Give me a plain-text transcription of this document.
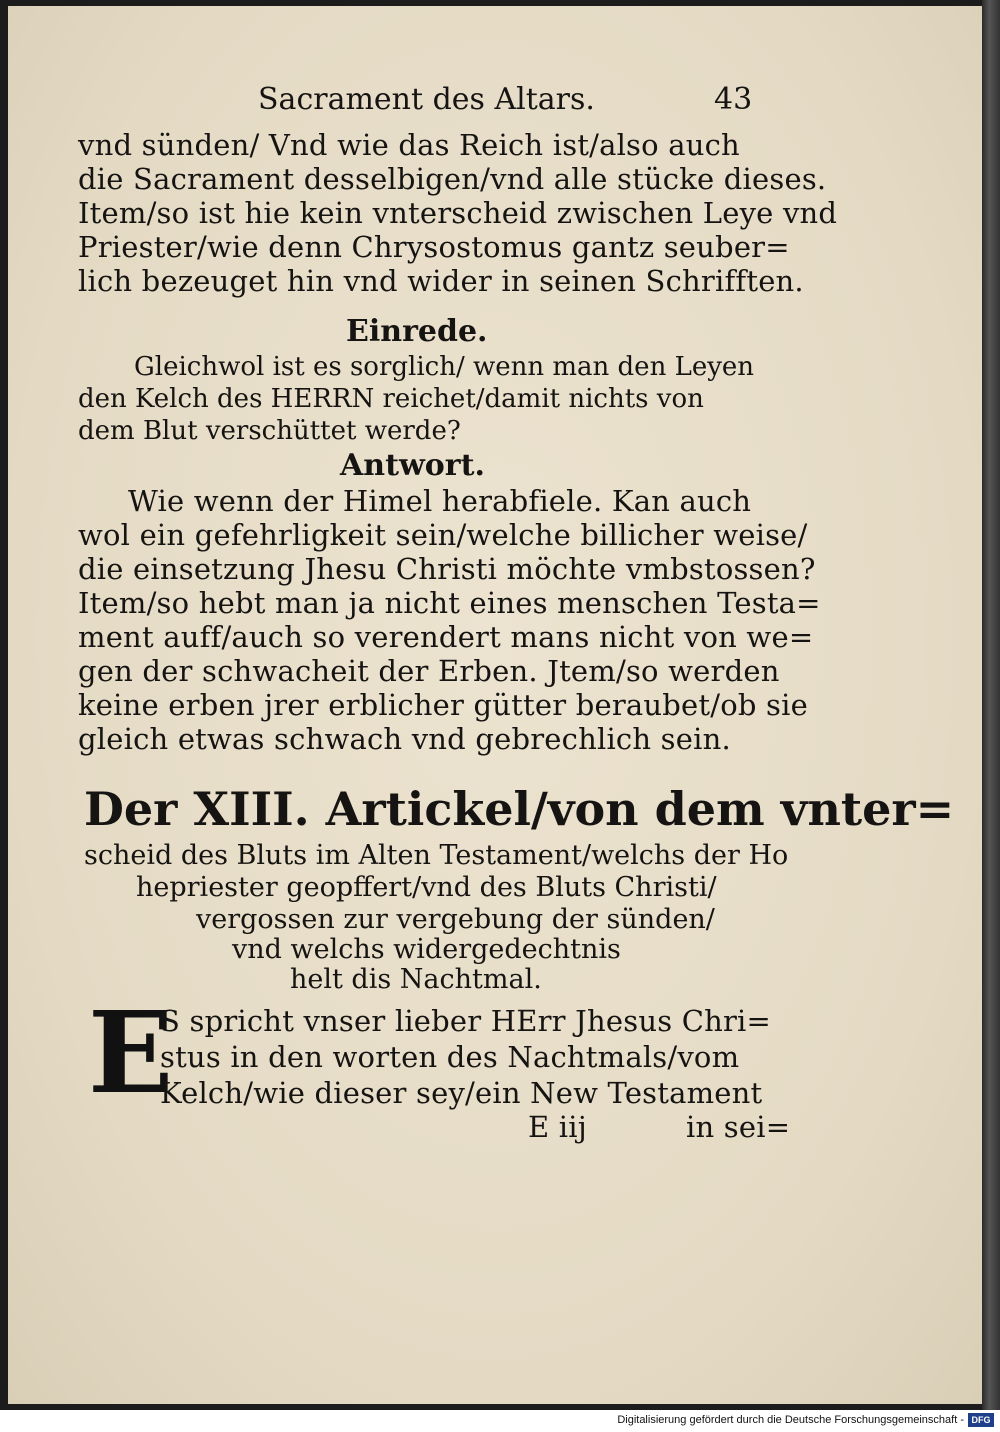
Sacrament des Altars.	43
vnd sünden/ Vnd wie das Reich ist/also auch
die Sacrament desselbigen/vnd alle stücke dieses.
Item/so ist hie kein vnterscheid zwischen Leye vnd
Priester/wie denn Chrysostomus gantz seuber=
lich bezeuget hin vnd wider in seinen Schrifften.
Einrede.
Gleichwol ist es sorglich/ wenn man den Leyen
den Kelch des HERRN reichet/damit nichts von
dem Blut verschüttet werde?
Antwort.
Wie wenn der Himel herabfiele. Kan auch
wol ein gefehrligkeit sein/welche billicher weise/
die einsetzung Jhesu Christi möchte vmbstossen?
Item/so hebt man ja nicht eines menschen Testa=
ment auff/auch so verendert mans nicht von we=
gen der schwacheit der Erben. Jtem/so werden
keine erben jrer erblicher gütter beraubet/ob sie
gleich etwas schwach vnd gebrechlich sein.
Der XIII. Artickel/von dem vnter=
scheid des Bluts im Alten Testament/welchs der Ho
hepriester geopffert/vnd des Bluts Christi/
vergossen zur vergebung der sünden/
vnd welchs widergedechtnis
helt dis Nachtmal.
E
S spricht vnser lieber HErr Jhesus Chri=
stus in den worten des Nachtmals/vom
Kelch/wie dieser sey/ein New Testament
E iij	in sei=
Digitalisierung gefördert durch die Deutsche Forschungsgemeinschaft - DFG
